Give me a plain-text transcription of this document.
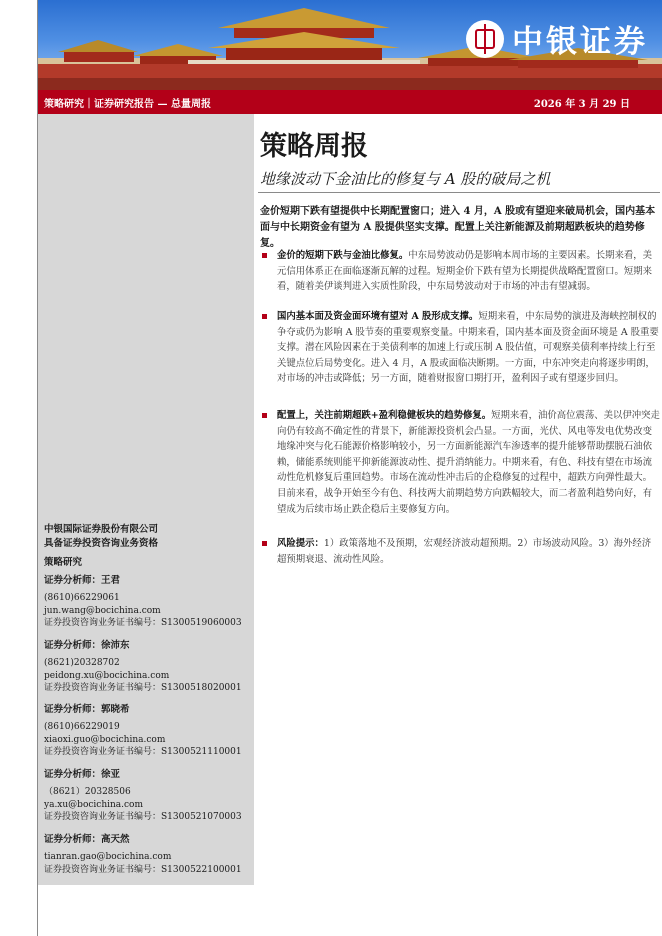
中银证券
策略研究｜证券研究报告 — 总量周报	2026 年 3 月 29 日
中银国际证券股份有限公司
具备证券投资咨询业务资格
策略研究
证券分析师：王君
(8610)66229061
jun.wang@bocichina.com
证券投资咨询业务证书编号：S1300519060003
证券分析师：徐沛东
(8621)20328702
peidong.xu@bocichina.com
证券投资咨询业务证书编号：S1300518020001
证券分析师：郭晓希
(8610)66229019
xiaoxi.guo@bocichina.com
证券投资咨询业务证书编号：S1300521110001
证券分析师：徐亚
（8621）20328506
ya.xu@bocichina.com
证券投资咨询业务证书编号：S1300521070003
证券分析师：高天然
tianran.gao@bocichina.com
证券投资咨询业务证书编号：S1300522100001
策略周报
地缘波动下金油比的修复与 A 股的破局之机
金价短期下跌有望提供中长期配置窗口；进入 4 月，A 股或有望迎来破局机会，国内基本面与中长期资金有望为 A 股提供坚实支撑。配置上关注新能源及前期超跌板块的趋势修复。
金价的短期下跌与金油比修复。中东局势波动仍是影响本周市场的主要因素。长期来看，美元信用体系正在面临逐渐瓦解的过程。短期金价下跌有望为长期提供战略配置窗口。短期来看，随着美伊谈判进入实质性阶段，中东局势波动对于市场的冲击有望减弱。
国内基本面及资金面环境有望对 A 股形成支撑。短期来看，中东局势的演进及海峡控制权的争夺或仍为影响 A 股节奏的重要观察变量。中期来看，国内基本面及资金面环境是 A 股重要支撑。潜在风险因素在于美债利率的加速上行或压制 A 股估值，可观察美债利率持续上行至关键点位后局势变化。进入 4 月，A 股或面临决断期。一方面，中东冲突走向将逐步明朗，对市场的冲击或降低；另一方面，随着财报窗口期打开，盈利因子或有望逐步回归。
配置上，关注前期超跌+盈利稳健板块的趋势修复。短期来看，油价高位震荡、美以伊冲突走向仍有较高不确定性的背景下，新能源投资机会凸显。一方面，光伏、风电等发电优势改变地缘冲突与化石能源价格影响较小，另一方面新能源汽车渗透率的提升能够帮助摆脱石油依赖，储能系统则能平抑新能源波动性、提升消纳能力。中期来看，有色、科技有望在市场流动性危机修复后重回趋势。市场在流动性冲击后的企稳修复的过程中，超跌方向弹性最大。目前来看，战争开始至今有色、科技两大前期趋势方向跌幅较大，而二者盈利趋势向好，有望成为后续市场止跌企稳后主要修复方向。
风险提示：1）政策落地不及预期，宏观经济波动超预期。2）市场波动风险。3）海外经济超预期衰退、流动性风险。
